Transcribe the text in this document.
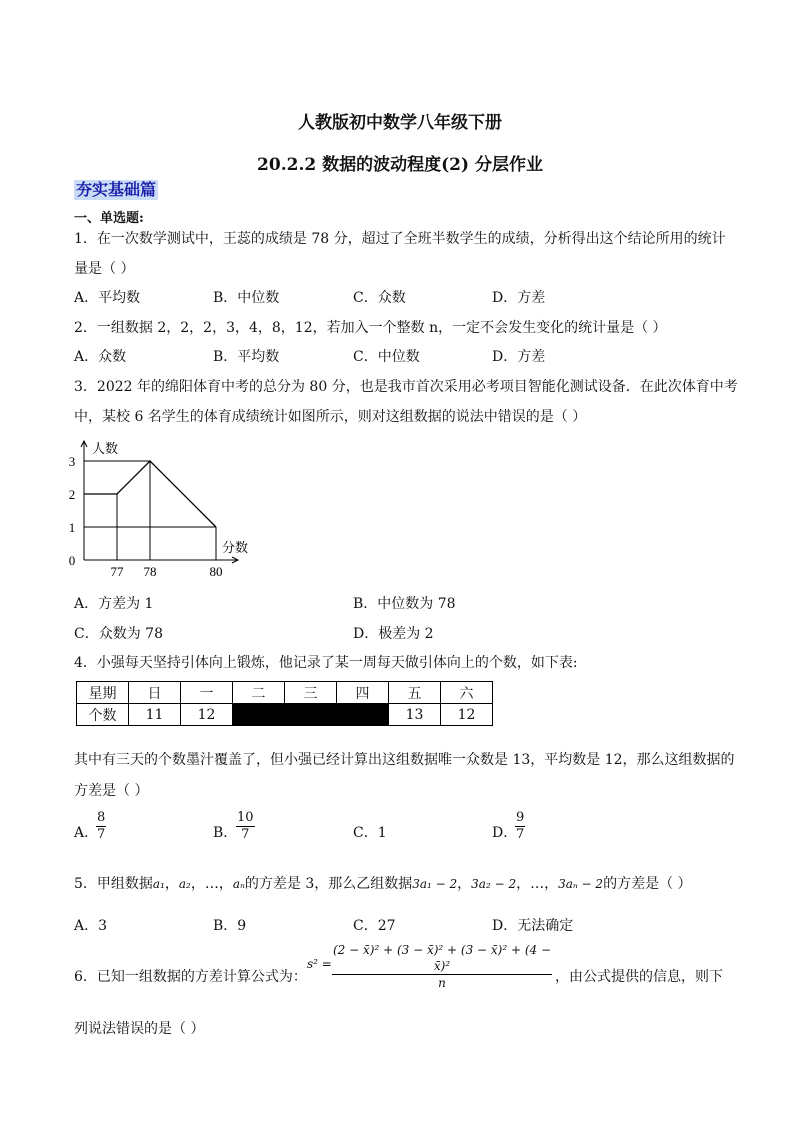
人教版初中数学八年级下册
20.2.2 数据的波动程度(2) 分层作业
夯实基础篇
一、单选题:
1．在一次数学测试中，王蕊的成绩是 78 分，超过了全班半数学生的成绩，分析得出这个结论所用的统计
量是（ ）
A．平均数	B．中位数	C．众数	D．方差
2．一组数据 2，2，2，3，4，8，12，若加入一个整数 n，一定不会发生变化的统计量是（ ）
A．众数	B．平均数	C．中位数	D．方差
3．2022 年的绵阳体育中考的总分为 80 分，也是我市首次采用必考项目智能化测试设备．在此次体育中考
中，某校 6 名学生的体育成绩统计如图所示，则对这组数据的说法中错误的是（ ）
0
1
2
3
77 78	80
人数
分数
A．方差为 1	B．中位数为 78
C．众数为 78	D．极差为 2
4．小强每天坚持引体向上锻炼，他记录了某一周每天做引体向上的个数，如下表:
星期	日	一	二	三	四	五	六
个数	11	12				13	12
其中有三天的个数墨汁覆盖了，但小强已经计算出这组数据唯一众数是 13，平均数是 12，那么这组数据的
方差是（ ）
A．
$\frac{8}{7}$	B．
$\frac{10}{7}$	C．1	D．
$\frac{9}{7}$
5．甲组数据a₁，a₂，…，aₙ的方差是 3，那么乙组数据3a₁ − 2，3a₂ − 2，…，3aₙ − 2的方差是（ ）
A．3	B．9	C．27	D．无法确定
6．已知一组数据的方差计算公式为：
$s^2 = \frac{\text{(2 − x̄)² + (3 − x̄)² + (3 − x̄)² + (4 − x̄)²}}{n}$ ，由公式提供的信息，则下
列说法错误的是（ ）
